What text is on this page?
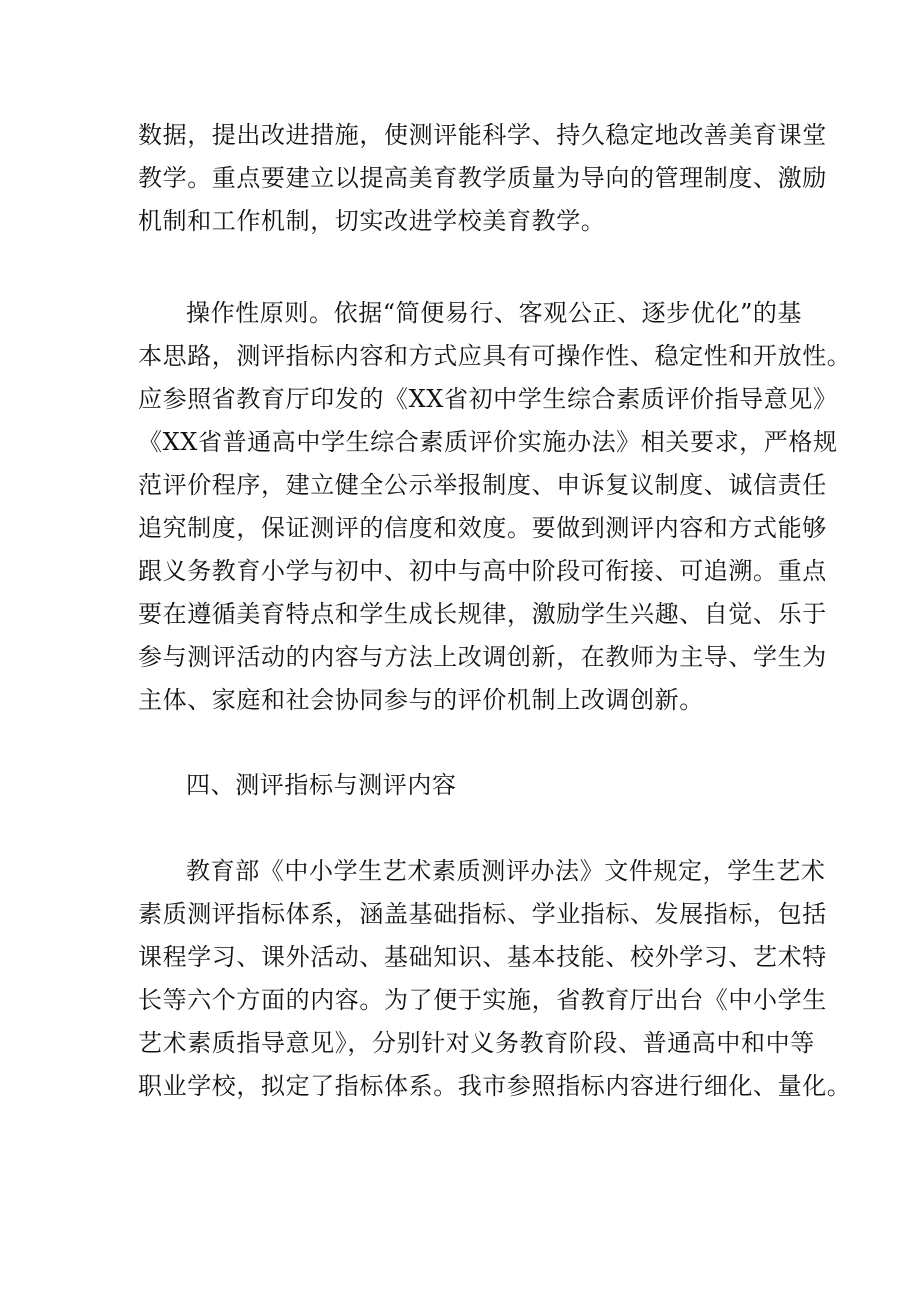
数据，提出改进措施，使测评能科学、持久稳定地改善美育课堂
教学。重点要建立以提高美育教学质量为导向的管理制度、激励
机制和工作机制，切实改进学校美育教学。
操作性原则。依据“简便易行、客观公正、逐步优化”的基
本思路，测评指标内容和方式应具有可操作性、稳定性和开放性。
应参照省教育厅印发的《XX省初中学生综合素质评价指导意见》
《XX省普通高中学生综合素质评价实施办法》相关要求，严格规
范评价程序，建立健全公示举报制度、申诉复议制度、诚信责任
追究制度，保证测评的信度和效度。要做到测评内容和方式能够
跟义务教育小学与初中、初中与高中阶段可衔接、可追溯。重点
要在遵循美育特点和学生成长规律，激励学生兴趣、自觉、乐于
参与测评活动的内容与方法上改调创新，在教师为主导、学生为
主体、家庭和社会协同参与的评价机制上改调创新。
四、测评指标与测评内容
教育部《中小学生艺术素质测评办法》文件规定，学生艺术
素质测评指标体系，涵盖基础指标、学业指标、发展指标，包括
课程学习、课外活动、基础知识、基本技能、校外学习、艺术特
长等六个方面的内容。为了便于实施，省教育厅出台《中小学生
艺术素质指导意见》，分别针对义务教育阶段、普通高中和中等
职业学校，拟定了指标体系。我市参照指标内容进行细化、量化。
